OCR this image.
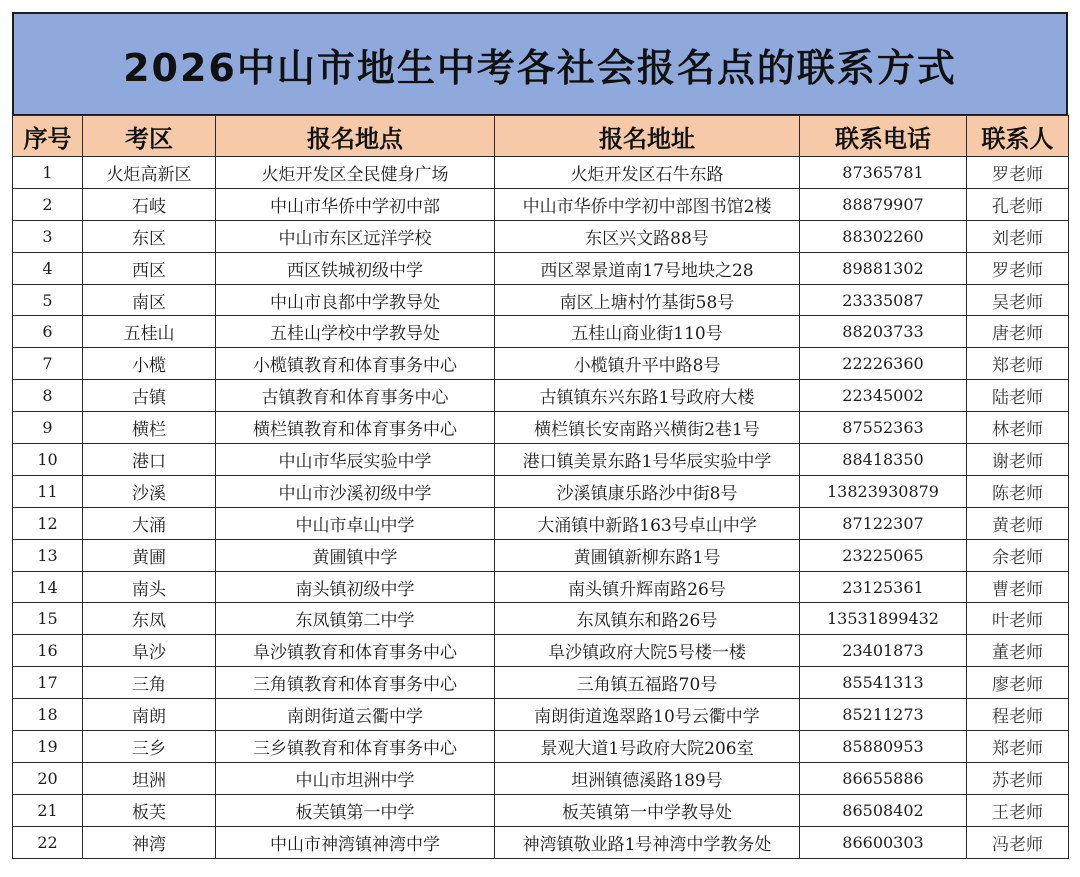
2026中山市地生中考各社会报名点的联系方式
序号	考区	报名地点	报名地址	联系电话	联系人
1	火炬高新区	火炬开发区全民健身广场	火炬开发区石牛东路	87365781	罗老师
2	石岐	中山市华侨中学初中部	中山市华侨中学初中部图书馆2楼	88879907	孔老师
3	东区	中山市东区远洋学校	东区兴文路88号	88302260	刘老师
4	西区	西区铁城初级中学	西区翠景道南17号地块之28	89881302	罗老师
5	南区	中山市良都中学教导处	南区上塘村竹基街58号	23335087	吴老师
6	五桂山	五桂山学校中学教导处	五桂山商业街110号	88203733	唐老师
7	小榄	小榄镇教育和体育事务中心	小榄镇升平中路8号	22226360	郑老师
8	古镇	古镇教育和体育事务中心	古镇镇东兴东路1号政府大楼	22345002	陆老师
9	横栏	横栏镇教育和体育事务中心	横栏镇长安南路兴横街2巷1号	87552363	林老师
10	港口	中山市华辰实验中学	港口镇美景东路1号华辰实验中学	88418350	谢老师
11	沙溪	中山市沙溪初级中学	沙溪镇康乐路沙中街8号	13823930879	陈老师
12	大涌	中山市卓山中学	大涌镇中新路163号卓山中学	87122307	黄老师
13	黄圃	黄圃镇中学	黄圃镇新柳东路1号	23225065	余老师
14	南头	南头镇初级中学	南头镇升辉南路26号	23125361	曹老师
15	东凤	东凤镇第二中学	东凤镇东和路26号	13531899432	叶老师
16	阜沙	阜沙镇教育和体育事务中心	阜沙镇政府大院5号楼一楼	23401873	董老师
17	三角	三角镇教育和体育事务中心	三角镇五福路70号	85541313	廖老师
18	南朗	南朗街道云衢中学	南朗街道逸翠路10号云衢中学	85211273	程老师
19	三乡	三乡镇教育和体育事务中心	景观大道1号政府大院206室	85880953	郑老师
20	坦洲	中山市坦洲中学	坦洲镇德溪路189号	86655886	苏老师
21	板芙	板芙镇第一中学	板芙镇第一中学教导处	86508402	王老师
22	神湾	中山市神湾镇神湾中学	神湾镇敬业路1号神湾中学教务处	86600303	冯老师
